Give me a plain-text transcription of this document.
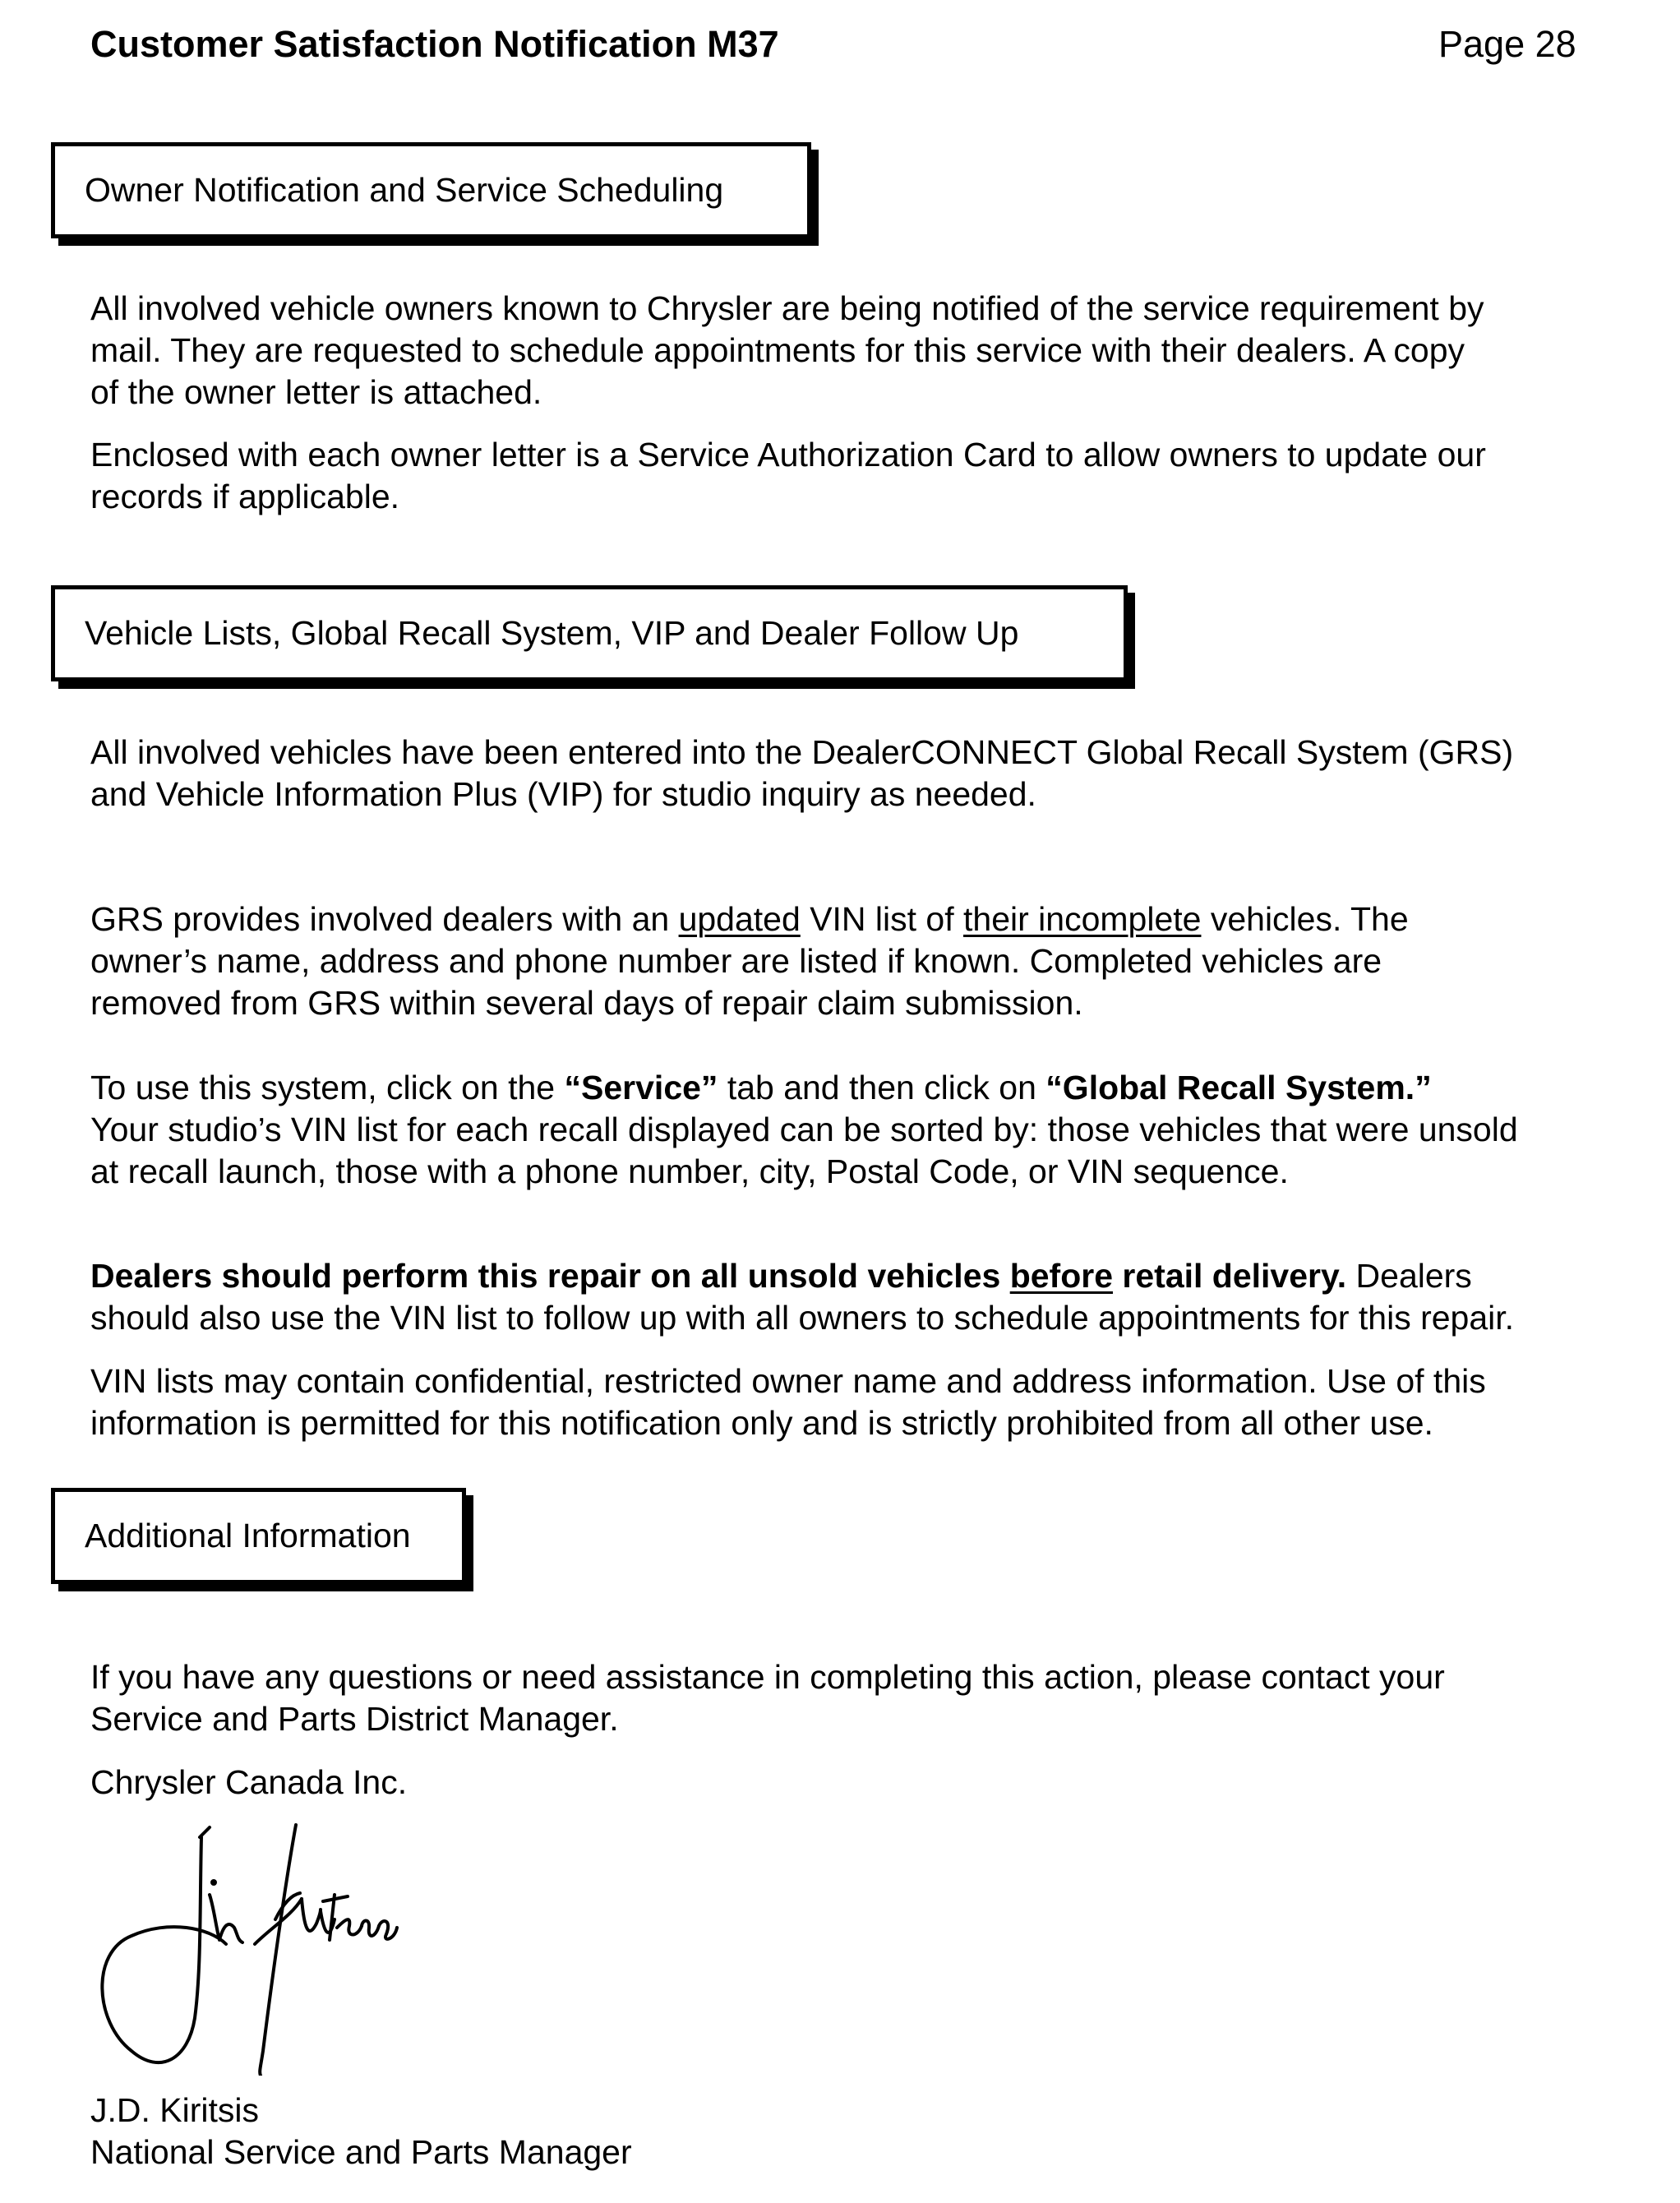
Customer Satisfaction Notification M37	Page 28
Owner Notification and Service Scheduling
All involved vehicle owners known to Chrysler are being notified of the service requirement by
mail. They are requested to schedule appointments for this service with their dealers. A copy
of the owner letter is attached.
Enclosed with each owner letter is a Service Authorization Card to allow owners to update our
records if applicable.
Vehicle Lists, Global Recall System, VIP and Dealer Follow Up
All involved vehicles have been entered into the DealerCONNECT Global Recall System (GRS)
and Vehicle Information Plus (VIP) for studio inquiry as needed.
GRS provides involved dealers with an updated VIN list of their incomplete vehicles. The
owner’s name, address and phone number are listed if known. Completed vehicles are
removed from GRS within several days of repair claim submission.
To use this system, click on the “Service” tab and then click on “Global Recall System.”
Your studio’s VIN list for each recall displayed can be sorted by: those vehicles that were unsold
at recall launch, those with a phone number, city, Postal Code, or VIN sequence.
Dealers should perform this repair on all unsold vehicles before retail delivery. Dealers
should also use the VIN list to follow up with all owners to schedule appointments for this repair.
VIN lists may contain confidential, restricted owner name and address information. Use of this
information is permitted for this notification only and is strictly prohibited from all other use.
Additional Information
If you have any questions or need assistance in completing this action, please contact your
Service and Parts District Manager.
Chrysler Canada Inc.
J.D. Kiritsis
National Service and Parts Manager
